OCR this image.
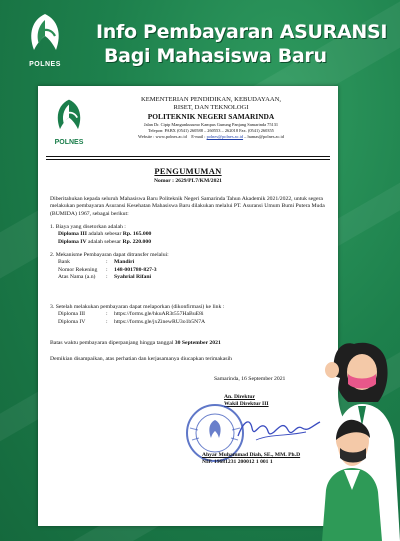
POLNES
Info Pembayaran ASURANSI
Bagi Mahasiswa Baru
POLNES
KEMENTERIAN PENDIDIKAN, KEBUDAYAAN,
RISET, DAN TEKNOLOGI
POLITEKNIK NEGERI SAMARINDA
Jalan Dr. Ciptp Mangunkusumo Kampus Gunung Panjang Samarinda 75131
Telepon: PABX (0541) 260588 – 260553 – 262018 Fax. (0541) 260355
Website : www.polnes.ac.id E-mail : polnes@polnes.ac.id – humas@polnes.ac.id
PENGUMUMAN
Nomor : 2629/PL7/KM/2021
Diberitahukan kepada seluruh Mahasiswa Baru Politeknik Negeri Samarinda Tahun Akademik 2021/2022, untuk segera melakukan pembayaran Asuransi Kesehatan Mahasiswa Baru dilakukan melalui PT. Asuransi Umum Bumi Putera Muda (BUMIDA) 1967, sebagai berikut:
1. Biaya yang disetorkan adalah :
Diploma III adalah sebesar Rp. 165.000
Diploma IV adalah sebesar Rp. 220.000
2. Mekanisme Pembayaran dapat ditransfer melalui:
Bank	:	Mandiri
Nomor Rekening	:	148-001780-827-3
Atas Nama (a.n)	:	Syahrial Rifani
3. Setelah melakukan pembayaran dapat melaporkan (dikonfirmasi) ke link :
Diploma III	:	https://forms.gle/hkuAR3t557HaBuE8i
Diploma IV	:	https://forms.gle/jxZinewRU3o1b5N7A
Batas waktu pembayaran diperpanjang hingga tanggal 30 September 2021
Demikian disampaikan, atas perhatian dan kerjasamanya diucapkan terimakasih
Samarinda, 16 September 2021
An. Direktur
Wakil Direktur III
Ahyar Muhammad Diah, SE., MM. Ph.D
NIP. 19681231 200012 1 001 1
